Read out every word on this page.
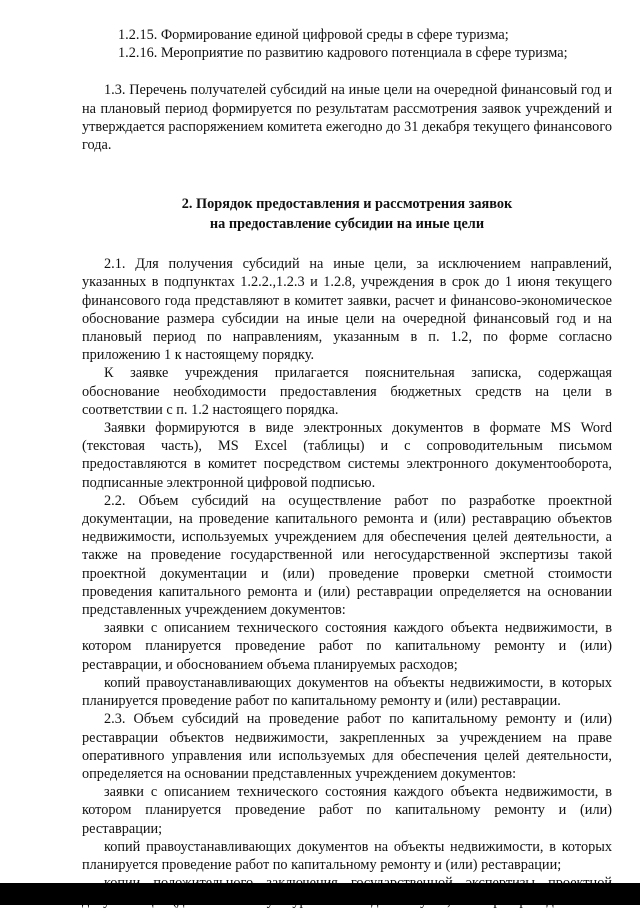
1.2.15. Формирование единой цифровой среды в сфере туризма;

1.2.16. Мероприятие по развитию кадрового потенциала в сфере туризма;

1.3. Перечень получателей субсидий на иные цели на очередной финансовый год и на плановый период формируется по результатам рассмотрения заявок учреждений и утверждается распоряжением комитета ежегодно до 31 декабря текущего финансового года.

2. Порядок предоставления и рассмотрения заявок
на предоставление субсидии на иные цели

2.1. Для получения субсидий на иные цели, за исключением направлений, указанных в подпунктах 1.2.2.,1.2.3 и 1.2.8, учреждения в срок до 1 июня текущего финансового года представляют в комитет заявки, расчет и финансово-экономическое обоснование размера субсидии на иные цели на очередной финансовый год и на плановый период по направлениям, указанным в п. 1.2, по форме согласно приложению 1 к настоящему порядку.

К заявке учреждения прилагается пояснительная записка, содержащая обоснование необходимости предоставления бюджетных средств на цели в соответствии с п. 1.2 настоящего порядка.

Заявки формируются в виде электронных документов в формате MS Word (текстовая часть), MS Excel (таблицы) и с сопроводительным письмом предоставляются в комитет посредством системы электронного документооборота, подписанные электронной цифровой подписью.

2.2. Объем субсидий на осуществление работ по разработке проектной документации, на проведение капитального ремонта и (или) реставрацию объектов недвижимости, используемых учреждением для обеспечения целей деятельности, а также на проведение государственной или негосударственной экспертизы такой проектной документации и (или) проведение проверки сметной стоимости проведения капитального ремонта и (или) реставрации определяется на основании представленных учреждением документов:

заявки с описанием технического состояния каждого объекта недвижимости, в котором планируется проведение работ по капитальному ремонту и (или) реставрации, и обоснованием объема планируемых расходов;

копий правоустанавливающих документов на объекты недвижимости, в которых планируется проведение работ по капитальному ремонту и (или) реставрации.

2.3. Объем субсидий на проведение работ по капитальному ремонту и (или) реставрации объектов недвижимости, закрепленных за учреждением на праве оперативного управления или используемых для обеспечения целей деятельности, определяется на основании представленных учреждением документов:

заявки с описанием технического состояния каждого объекта недвижимости, в котором планируется проведение работ по капитальному ремонту и (или) реставрации;

копий правоустанавливающих документов на объекты недвижимости, в которых планируется проведение работ по капитальному ремонту и (или) реставрации;
